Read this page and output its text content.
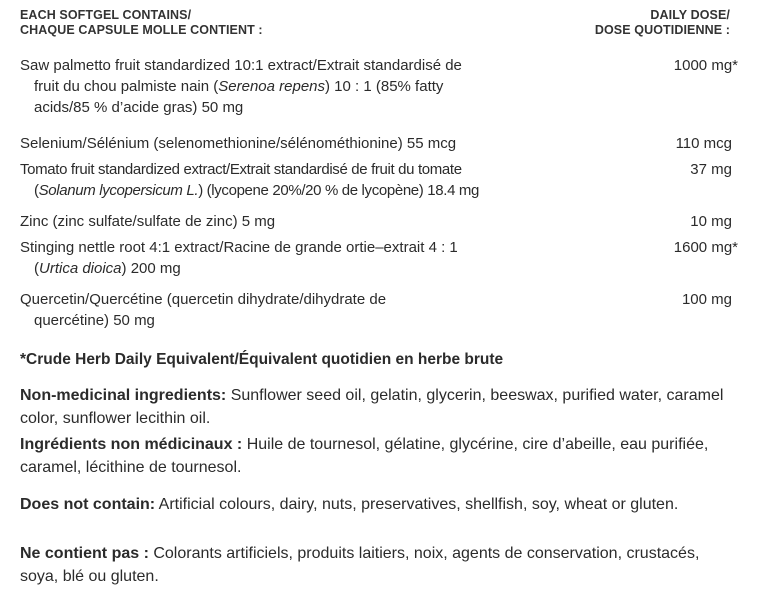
EACH SOFTGEL CONTAINS/
CHAQUE CAPSULE MOLLE CONTIENT :
DAILY DOSE/
DOSE QUOTIDIENNE :
Saw palmetto fruit standardized 10:1 extract/Extrait standardisé de
fruit du chou palmiste nain (Serenoa repens) 10 : 1 (85% fatty
acids/85 % d’acide gras) 50 mg
1000 mg*
Selenium/Sélénium (selenomethionine/sélénométhionine) 55 mcg	110 mcg
Tomato fruit standardized extract/Extrait standardisé de fruit du tomate
(Solanum lycopersicum L.) (lycopene 20%/20 % de lycopène) 18.4 mg
37 mg
Zinc (zinc sulfate/sulfate de zinc) 5 mg	10 mg
Stinging nettle root 4:1 extract/Racine de grande ortie–extrait 4 : 1
(Urtica dioica) 200 mg
1600 mg*
Quercetin/Quercétine (quercetin dihydrate/dihydrate de
quercétine) 50 mg
100 mg
*Crude Herb Daily Equivalent/Équivalent quotidien en herbe brute
Non-medicinal ingredients: Sunflower seed oil, gelatin, glycerin, beeswax, purified water, caramel color, sunflower lecithin oil.
Ingrédients non médicinaux : Huile de tournesol, gélatine, glycérine, cire d’abeille, eau purifiée, caramel, lécithine de tournesol.
Does not contain: Artificial colours, dairy, nuts, preservatives, shellfish, soy, wheat or gluten.
Ne contient pas : Colorants artificiels, produits laitiers, noix, agents de conservation, crustacés, soya, blé ou gluten.
